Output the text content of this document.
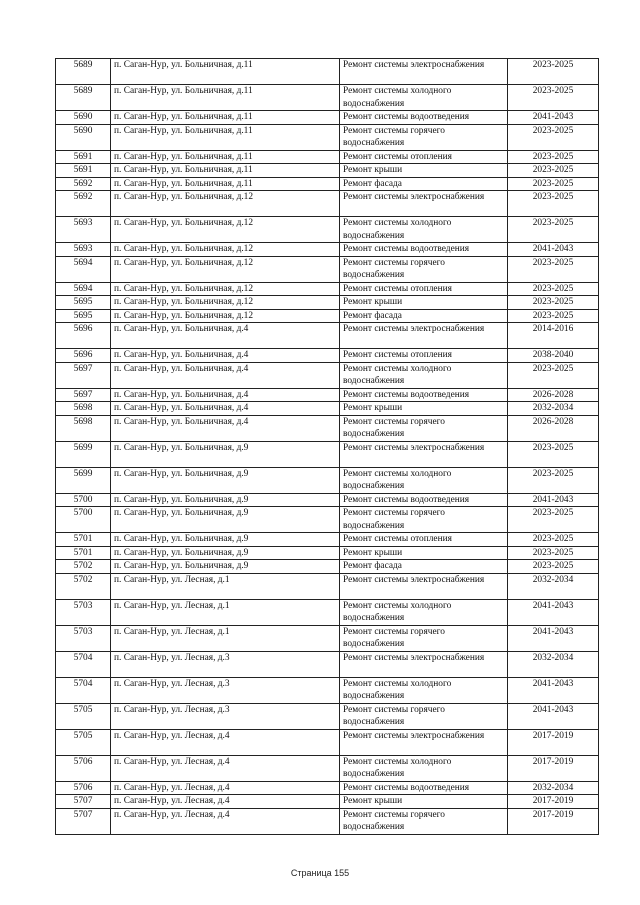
5689	п. Саган-Нур, ул. Больничная, д.11	Ремонт системы электроснабжения	2023-2025
5689	п. Саган-Нур, ул. Больничная, д.11	Ремонт системы холодного водоснабжения	2023-2025
5690	п. Саган-Нур, ул. Больничная, д.11	Ремонт системы водоотведения	2041-2043
5690	п. Саган-Нур, ул. Больничная, д.11	Ремонт системы горячего водоснабжения	2023-2025
5691	п. Саган-Нур, ул. Больничная, д.11	Ремонт системы отопления	2023-2025
5691	п. Саган-Нур, ул. Больничная, д.11	Ремонт крыши	2023-2025
5692	п. Саган-Нур, ул. Больничная, д.11	Ремонт фасада	2023-2025
5692	п. Саган-Нур, ул. Больничная, д.12	Ремонт системы электроснабжения	2023-2025
5693	п. Саган-Нур, ул. Больничная, д.12	Ремонт системы холодного водоснабжения	2023-2025
5693	п. Саган-Нур, ул. Больничная, д.12	Ремонт системы водоотведения	2041-2043
5694	п. Саган-Нур, ул. Больничная, д.12	Ремонт системы горячего водоснабжения	2023-2025
5694	п. Саган-Нур, ул. Больничная, д.12	Ремонт системы отопления	2023-2025
5695	п. Саган-Нур, ул. Больничная, д.12	Ремонт крыши	2023-2025
5695	п. Саган-Нур, ул. Больничная, д.12	Ремонт фасада	2023-2025
5696	п. Саган-Нур, ул. Больничная, д.4	Ремонт системы электроснабжения	2014-2016
5696	п. Саган-Нур, ул. Больничная, д.4	Ремонт системы отопления	2038-2040
5697	п. Саган-Нур, ул. Больничная, д.4	Ремонт системы холодного водоснабжения	2023-2025
5697	п. Саган-Нур, ул. Больничная, д.4	Ремонт системы водоотведения	2026-2028
5698	п. Саган-Нур, ул. Больничная, д.4	Ремонт крыши	2032-2034
5698	п. Саган-Нур, ул. Больничная, д.4	Ремонт системы горячего водоснабжения	2026-2028
5699	п. Саган-Нур, ул. Больничная, д.9	Ремонт системы электроснабжения	2023-2025
5699	п. Саган-Нур, ул. Больничная, д.9	Ремонт системы холодного водоснабжения	2023-2025
5700	п. Саган-Нур, ул. Больничная, д.9	Ремонт системы водоотведения	2041-2043
5700	п. Саган-Нур, ул. Больничная, д.9	Ремонт системы горячего водоснабжения	2023-2025
5701	п. Саган-Нур, ул. Больничная, д.9	Ремонт системы отопления	2023-2025
5701	п. Саган-Нур, ул. Больничная, д.9	Ремонт крыши	2023-2025
5702	п. Саган-Нур, ул. Больничная, д.9	Ремонт фасада	2023-2025
5702	п. Саган-Нур, ул. Лесная, д.1	Ремонт системы электроснабжения	2032-2034
5703	п. Саган-Нур, ул. Лесная, д.1	Ремонт системы холодного водоснабжения	2041-2043
5703	п. Саган-Нур, ул. Лесная, д.1	Ремонт системы горячего водоснабжения	2041-2043
5704	п. Саган-Нур, ул. Лесная, д.3	Ремонт системы электроснабжения	2032-2034
5704	п. Саган-Нур, ул. Лесная, д.3	Ремонт системы холодного водоснабжения	2041-2043
5705	п. Саган-Нур, ул. Лесная, д.3	Ремонт системы горячего водоснабжения	2041-2043
5705	п. Саган-Нур, ул. Лесная, д.4	Ремонт системы электроснабжения	2017-2019
5706	п. Саган-Нур, ул. Лесная, д.4	Ремонт системы холодного водоснабжения	2017-2019
5706	п. Саган-Нур, ул. Лесная, д.4	Ремонт системы водоотведения	2032-2034
5707	п. Саган-Нур, ул. Лесная, д.4	Ремонт крыши	2017-2019
5707	п. Саган-Нур, ул. Лесная, д.4	Ремонт системы горячего водоснабжения	2017-2019
Страница 155
